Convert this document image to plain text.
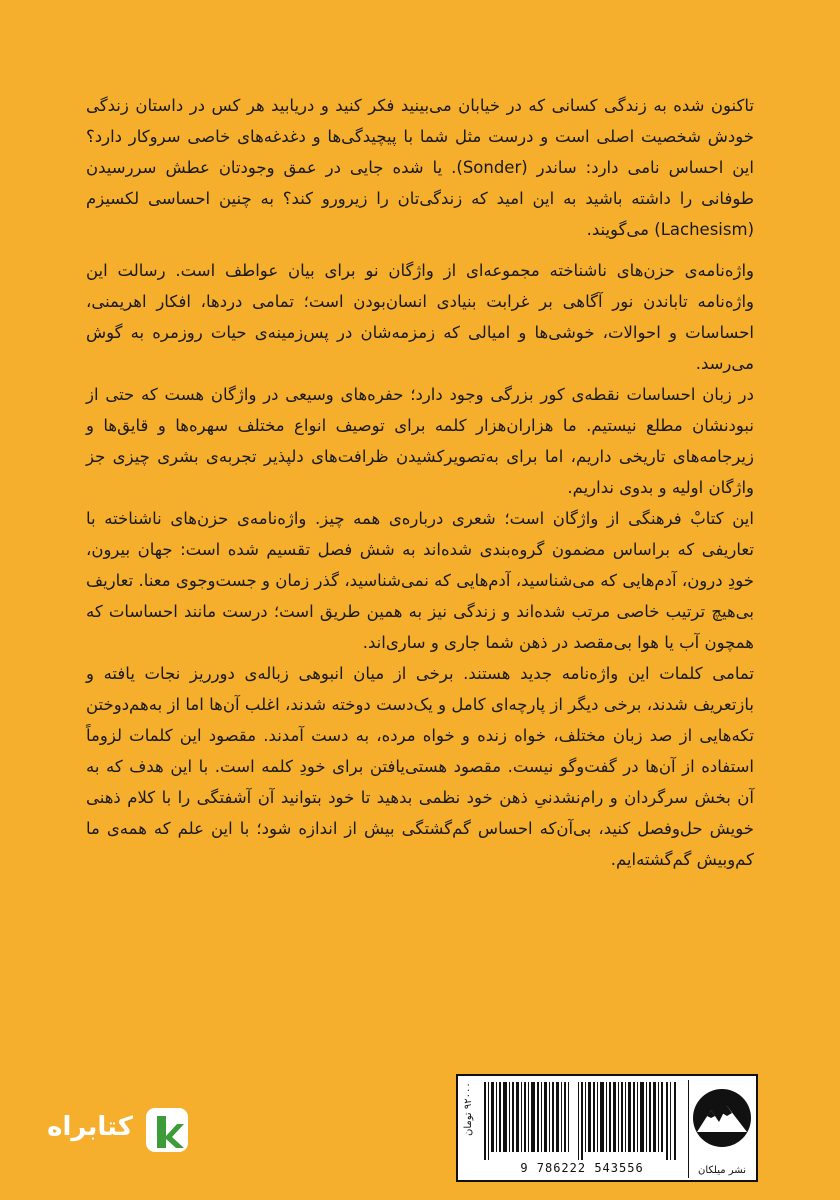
تاکنون شده به زندگی کسانی که در خیابان می‌بینید فکر کنید و دریابید هر کس در داستان زندگی خودش شخصیت اصلی است و درست مثل شما با پیچیدگی‌ها و دغدغه‌های خاصی سروکار دارد؟ این احساس نامی دارد: ساندر (Sonder). یا شده جایی در عمق وجودتان عطش سررسیدن طوفانی را داشته باشید به این امید که زندگی‌تان را زیرورو کند؟ به چنین احساسی لکسیزم (Lachesism) می‌گویند.

واژه‌نامه‌ی حزن‌های ناشناخته مجموعه‌ای از واژگان نو برای بیان عواطف است. رسالت این واژه‌نامه تاباندن نور آگاهی بر غرابت بنیادی انسان‌بودن است؛ تمامی دردها، افکار اهریمنی، احساسات و احوالات، خوشی‌ها و امیالی که زمزمه‌شان در پس‌زمینه‌ی حیات روزمره به گوش می‌رسد.

در زبان احساسات نقطه‌ی کور بزرگی وجود دارد؛ حفره‌های وسیعی در واژگان هست که حتی از نبودنشان مطلع نیستیم. ما هزاران‌هزار کلمه برای توصیف انواع مختلف سهره‌ها و قایق‌ها و زیرجامه‌های تاریخی داریم، اما برای به‌تصویرکشیدن ظرافت‌های دلپذیر تجربه‌ی بشری چیزی جز واژگان اولیه و بدوی نداریم.

این کتابْ فرهنگی از واژگان است؛ شعری درباره‌ی همه چیز. واژه‌نامه‌ی حزن‌های ناشناخته با تعاریفی که براساس مضمون گروه‌بندی شده‌اند به شش فصل تقسیم شده است: جهان بیرون، خودِ درون، آدم‌هایی که می‌شناسید، آدم‌هایی که نمی‌شناسید، گذر زمان و جست‌وجوی معنا. تعاریف بی‌هیچ ترتیب خاصی مرتب شده‌اند و زندگی نیز به همین طریق است؛ درست مانند احساسات که همچون آب یا هوا بی‌مقصد در ذهن شما جاری و ساری‌اند.

تمامی کلمات این واژه‌نامه جدید هستند. برخی از میان انبوهی زباله‌ی دورریز نجات یافته و بازتعریف شدند، برخی دیگر از پارچه‌ای کامل و یک‌دست دوخته شدند، اغلب آن‌ها اما از به‌هم‌دوختن تکه‌هایی از صد زبان مختلف، خواه زنده و خواه مرده، به دست آمدند. مقصود این کلمات لزوماً استفاده از آن‌ها در گفت‌وگو نیست. مقصود هستی‌یافتن برای خودِ کلمه است. با این هدف که به آن بخش سرگردان و رام‌نشدنیِ ذهن خود نظمی بدهید تا خود بتوانید آن آشفتگی را با کلام ذهنی خویش حل‌وفصل کنید، بی‌آن‌که احساس گم‌گشتگی بیش از اندازه شود؛ با این علم که همه‌ی ما کم‌وبیش گم‌گشته‌ایم.

۹۲۰۰۰ تومان
9 786222 543556	نشر میلکان
کتابراه
